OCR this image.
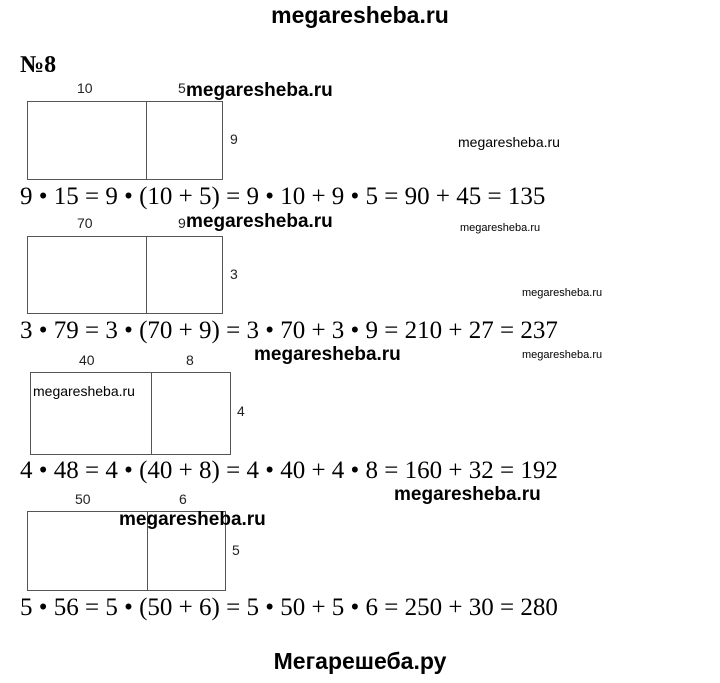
megaresheba.ru
№8
10	5
9
9 • 15 = 9 • (10 + 5) = 9 • 10 + 9 • 5 = 90 + 45 = 135
70	9
3
3 • 79 = 3 • (70 + 9) = 3 • 70 + 3 • 9 = 210 + 27 = 237
40	8
4
4 • 48 = 4 • (40 + 8) = 4 • 40 + 4 • 8 = 160 + 32 = 192
50	6
5
5 • 56 = 5 • (50 + 6) = 5 • 50 + 5 • 6 = 250 + 30 = 280
megaresheba.ru
megaresheba.ru
megaresheba.ru	megaresheba.ru
megaresheba.ru
megaresheba.ru	megaresheba.ru
megaresheba.ru
megaresheba.ru
megaresheba.ru
Мегарешеба.ру
